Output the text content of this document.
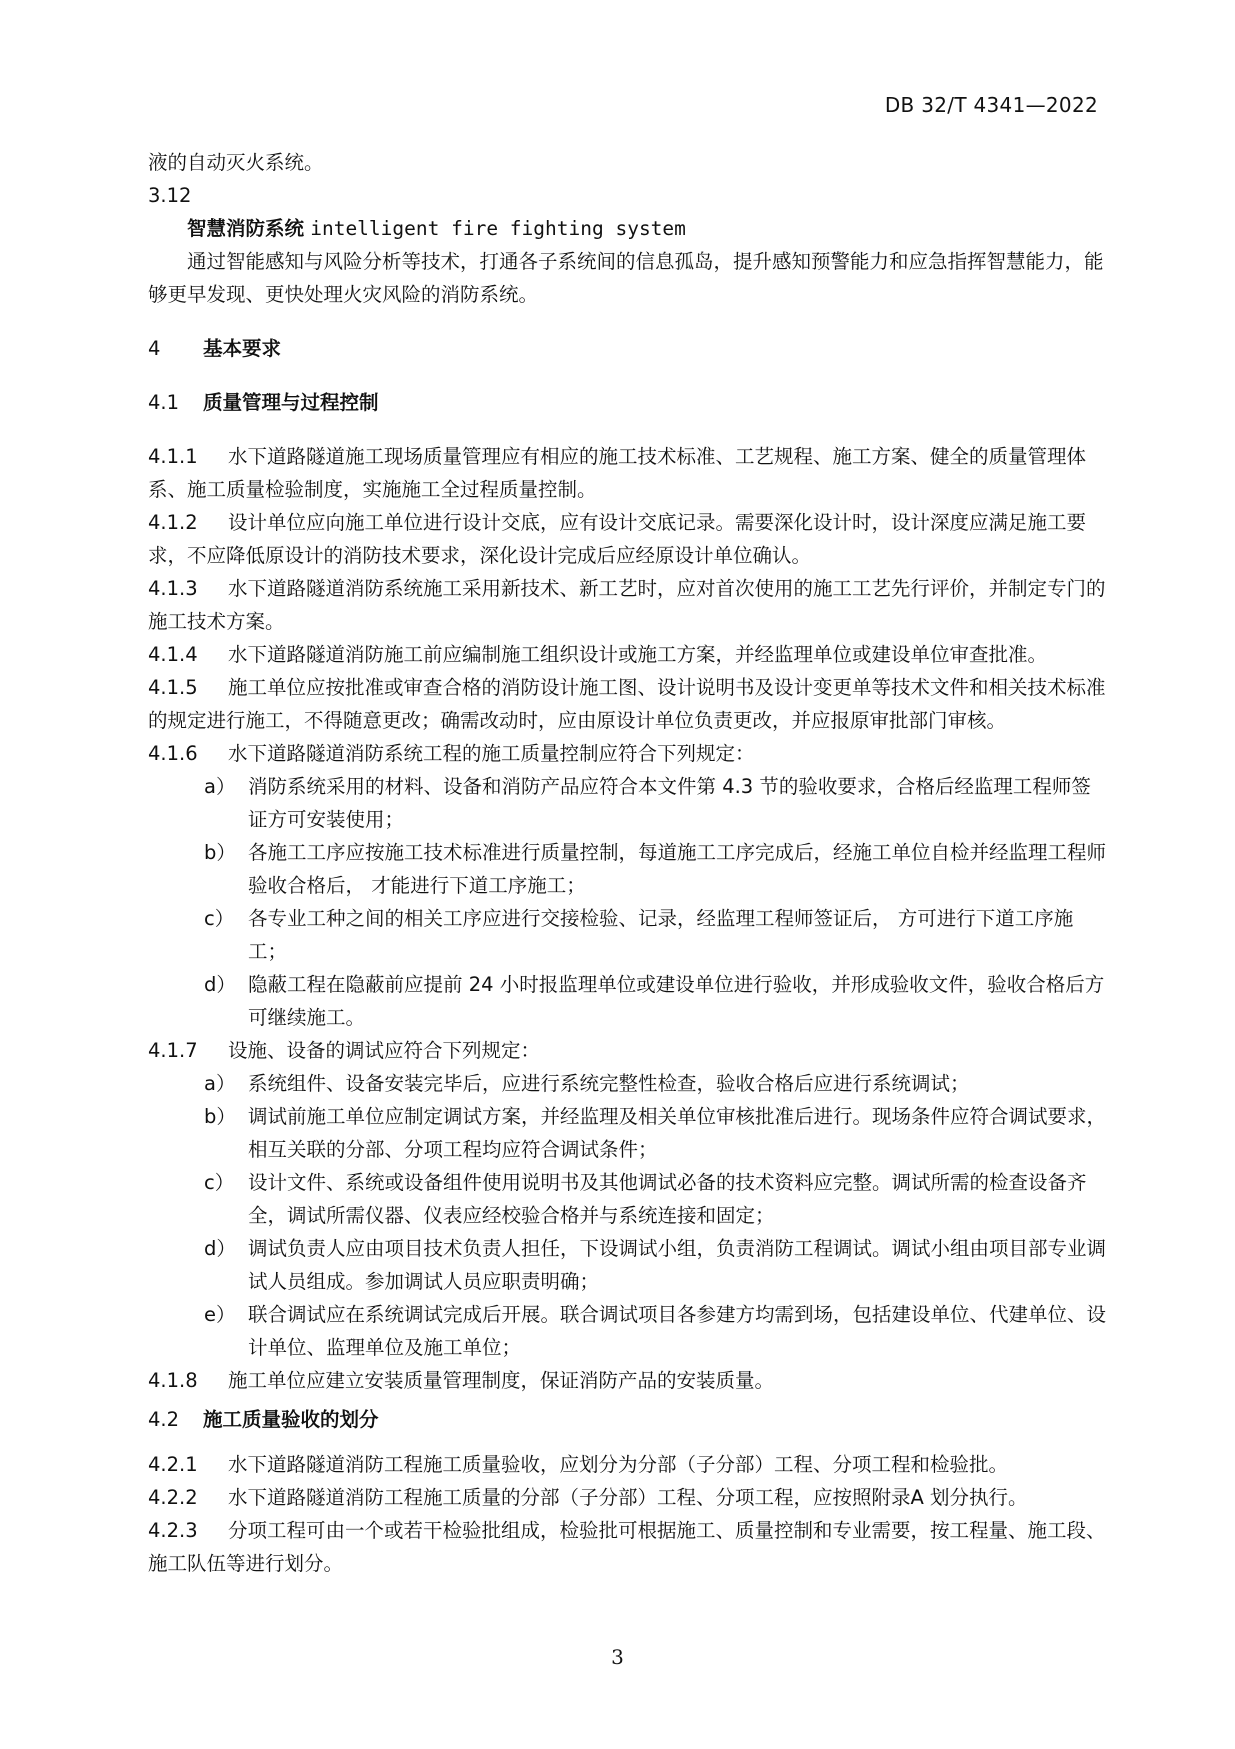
DB 32/T 4341—2022

液的自动灭火系统。

3.12

智慧消防系统 intelligent fire fighting system

通过智能感知与风险分析等技术，打通各子系统间的信息孤岛，提升感知预警能力和应急指挥智慧能力，能够更早发现、更快处理火灾风险的消防系统。

4 基本要求

4.1 质量管理与过程控制

4.1.1 水下道路隧道施工现场质量管理应有相应的施工技术标准、工艺规程、施工方案、健全的质量管理体系、施工质量检验制度，实施施工全过程质量控制。

4.1.2 设计单位应向施工单位进行设计交底，应有设计交底记录。需要深化设计时，设计深度应满足施工要求，不应降低原设计的消防技术要求，深化设计完成后应经原设计单位确认。

4.1.3 水下道路隧道消防系统施工采用新技术、新工艺时，应对首次使用的施工工艺先行评价，并制定专门的施工技术方案。

4.1.4 水下道路隧道消防施工前应编制施工组织设计或施工方案，并经监理单位或建设单位审查批准。

4.1.5 施工单位应按批准或审查合格的消防设计施工图、设计说明书及设计变更单等技术文件和相关技术标准的规定进行施工，不得随意更改；确需改动时，应由原设计单位负责更改，并应报原审批部门审核。

4.1.6 水下道路隧道消防系统工程的施工质量控制应符合下列规定：

a） 消防系统采用的材料、设备和消防产品应符合本文件第 4.3 节的验收要求，合格后经监理工程师签证方可安装使用；

b） 各施工工序应按施工技术标准进行质量控制，每道施工工序完成后，经施工单位自检并经监理工程师验收合格后， 才能进行下道工序施工；

c） 各专业工种之间的相关工序应进行交接检验、记录，经监理工程师签证后， 方可进行下道工序施工；

d） 隐蔽工程在隐蔽前应提前 24 小时报监理单位或建设单位进行验收，并形成验收文件，验收合格后方可继续施工。

4.1.7 设施、设备的调试应符合下列规定：

a） 系统组件、设备安装完毕后，应进行系统完整性检查，验收合格后应进行系统调试；

b） 调试前施工单位应制定调试方案，并经监理及相关单位审核批准后进行。现场条件应符合调试要求，相互关联的分部、分项工程均应符合调试条件；

c） 设计文件、系统或设备组件使用说明书及其他调试必备的技术资料应完整。调试所需的检查设备齐全，调试所需仪器、仪表应经校验合格并与系统连接和固定；

d） 调试负责人应由项目技术负责人担任，下设调试小组，负责消防工程调试。调试小组由项目部专业调试人员组成。参加调试人员应职责明确；

e） 联合调试应在系统调试完成后开展。联合调试项目各参建方均需到场，包括建设单位、代建单位、设计单位、监理单位及施工单位；

4.1.8 施工单位应建立安装质量管理制度，保证消防产品的安装质量。

4.2 施工质量验收的划分

4.2.1 水下道路隧道消防工程施工质量验收，应划分为分部（子分部）工程、分项工程和检验批。

4.2.2 水下道路隧道消防工程施工质量的分部（子分部）工程、分项工程，应按照附录A 划分执行。

4.2.3 分项工程可由一个或若干检验批组成，检验批可根据施工、质量控制和专业需要，按工程量、施工段、施工队伍等进行划分。

3
